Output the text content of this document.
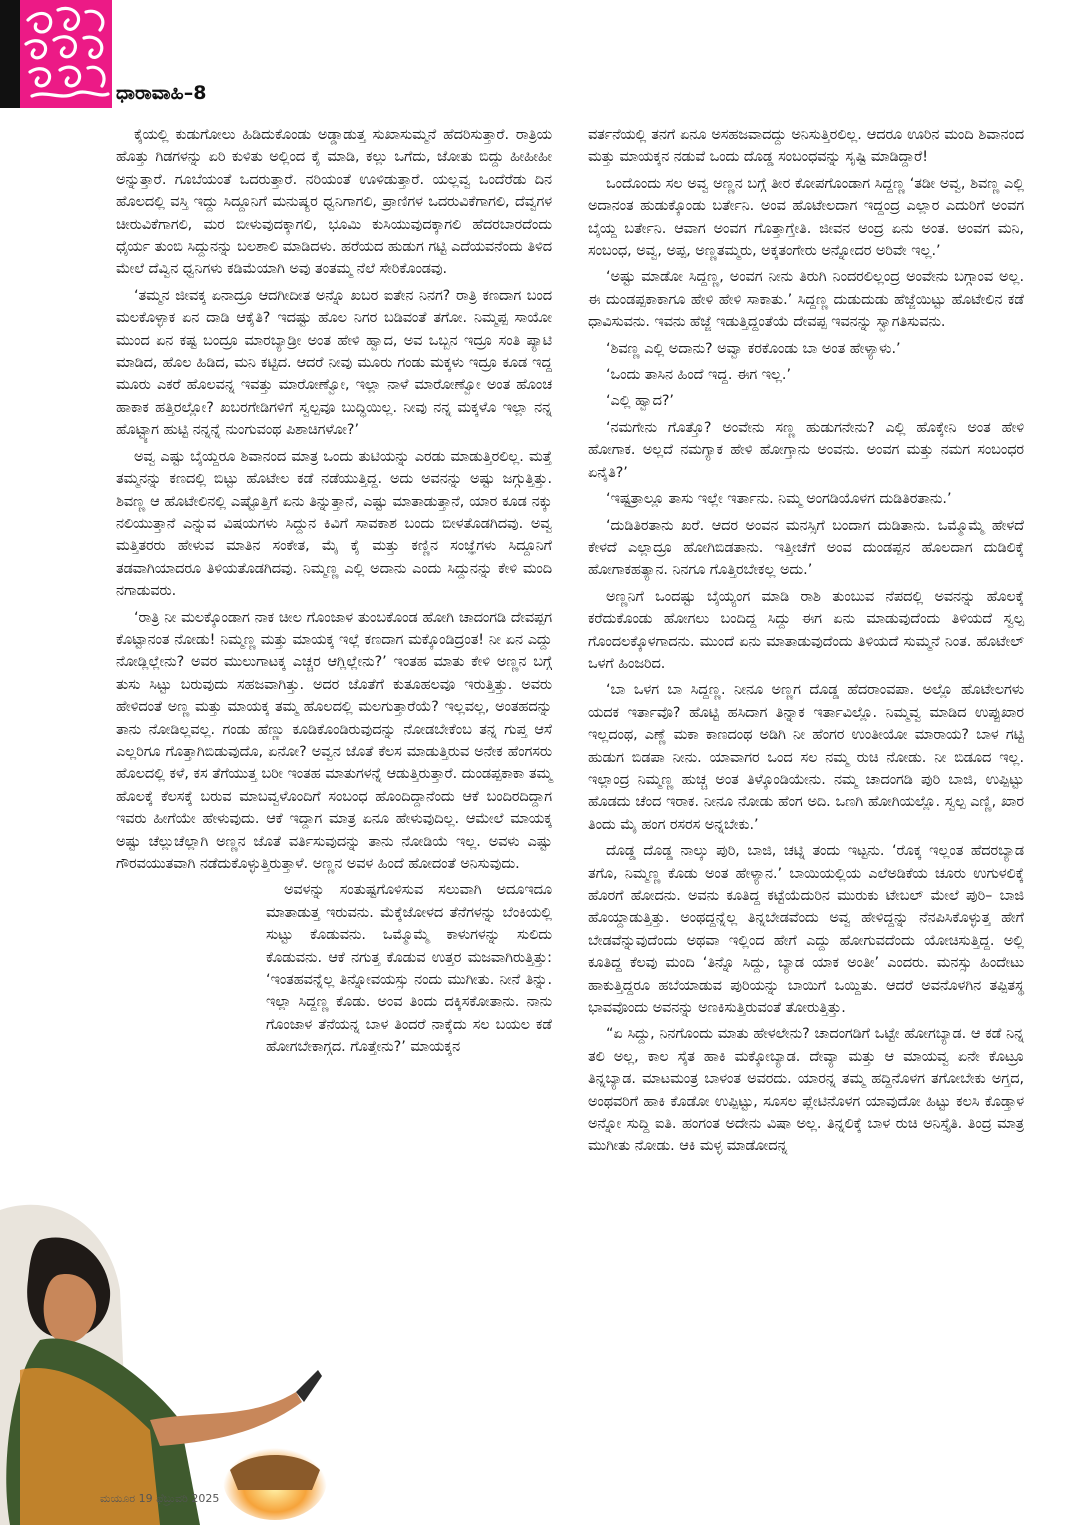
ಧಾರಾವಾಹಿ–8

ಕೈಯಲ್ಲಿ ಕುಡುಗೋಲು ಹಿಡಿದುಕೊಂಡು ಅಡ್ಡಾಡುತ್ತ ಸುಖಾಸುಮ್ಮನೆ ಹೆದರಿಸುತ್ತಾರೆ. ರಾತ್ರಿಯ ಹೊತ್ತು ಗಿಡಗಳನ್ನು ಏರಿ ಕುಳಿತು ಅಲ್ಲಿಂದ ಕೈ ಮಾಡಿ, ಕಲ್ಲು ಒಗೆದು, ಜೋತು ಬಿದ್ದು ಹೀಹೀಹೀ ಅನ್ನುತ್ತಾರೆ. ಗೂಬೆಯಂತೆ ಒದರುತ್ತಾರೆ. ನರಿಯಂತೆ ಊಳಿಡುತ್ತಾರೆ. ಯಲ್ಲವ್ವ ಒಂದೆರೆಡು ದಿನ ಹೊಲದಲ್ಲಿ ವಸ್ತಿ ಇದ್ದು ಸಿದ್ದೂನಿಗೆ ಮನುಷ್ಯರ ಧ್ವನಿಗಾಗಲಿ, ಪ್ರಾಣಿಗಳ ಒದರುವಿಕೆಗಾಗಲಿ, ದೆವ್ವಗಳ ಚೀರುವಿಕೆಗಾಗಲಿ, ಮರ ಬೀಳುವುದಕ್ಕಾಗಲಿ, ಭೂಮಿ ಕುಸಿಯುವುದಕ್ಕಾಗಲಿ ಹೆದರಬಾರದೆಂದು ಧೈರ್ಯ ತುಂಬಿ ಸಿದ್ದುನನ್ನು ಬಲಶಾಲಿ ಮಾಡಿದಳು. ಹರೆಯದ ಹುಡುಗ ಗಟ್ಟಿ ಎದೆಯವನೆಂದು ತಿಳಿದ ಮೇಲೆ ದೆವ್ವಿನ ಧ್ವನಿಗಳು ಕಡಿಮೆಯಾಗಿ ಅವು ತಂತಮ್ಮ ನೆಲೆ ಸೇರಿಕೊಂಡವು.

‘ತಮ್ಮನ ಜೀವಕ್ಕ ಏನಾದ್ರೂ ಆದಗೀದೀತ ಅನ್ನೊ ಖಬರ ಐತೇನ ನಿನಗ? ರಾತ್ರಿ ಕಣದಾಗ ಬಂದ ಮಲಕೊಳ್ಳಾಕ ಏನ ದಾಡಿ ಆಕೈತಿ? ಇದಷ್ಟು ಹೊಲ ನಿಗರ ಬಡಿವಂತೆ ತಗೋ. ನಿಮ್ಮಪ್ಪ ಸಾಯೋ ಮುಂದ ಏನ ಕಷ್ಟ ಬಂದ್ರೂ ಮಾರಬ್ಯಾಡ್ರೀ ಅಂತ ಹೇಳಿ ಹ್ವಾದ, ಅವ ಒಬ್ಬನ ಇದ್ರೂ ಸಂತಿ ಪ್ಯಾಟಿ ಮಾಡಿದ, ಹೊಲ ಹಿಡಿದ, ಮನಿ ಕಟ್ಟಿದ. ಆದರೆ ನೀವು ಮೂರು ಗಂಡು ಮಕ್ಕಳು ಇದ್ರೂ ಕೂಡ ಇದ್ದ ಮೂರು ಎಕರೆ ಹೊಲವನ್ನ ಇವತ್ತು ಮಾರೋಣ್ವೋ, ಇಲ್ಲಾ ನಾಳೆ ಮಾರೋಣ್ವೋ ಅಂತ ಹೊಂಚ ಹಾಕಾಕ ಹತ್ತಿರಲ್ಲೋ? ಖಬರಗೇಡಿಗಳಿಗೆ ಸ್ವಲ್ಪವೂ ಬುದ್ಧಿಯಿಲ್ಲ. ನೀವು ನನ್ನ ಮಕ್ಕಳೊ ಇಲ್ಲಾ ನನ್ನ ಹೊಟ್ಟ್ಯಾಗ ಹುಟ್ಟಿ ನನ್ನನ್ನೆ ನುಂಗುವಂಥ ಪಿಶಾಚಿಗಳೋ?’

ಅವ್ವ ಎಷ್ಟು ಬೈಯ್ದರೂ ಶಿವಾನಂದ ಮಾತ್ರ ಒಂದು ತುಟಿಯನ್ನು ಎರಡು ಮಾಡುತ್ತಿರಲಿಲ್ಲ. ಮತ್ತೆ ತಮ್ಮನನ್ನು ಕಣದಲ್ಲಿ ಬಿಟ್ಟು ಹೊಟೇಲ ಕಡೆ ನಡೆಯುತ್ತಿದ್ದ. ಅದು ಅವನನ್ನು ಅಷ್ಟು ಜಗ್ಗುತ್ತಿತ್ತು. ಶಿವಣ್ಣ ಆ ಹೊಟೇಲಿನಲ್ಲಿ ಎಷ್ಟೊತ್ತಿಗೆ ಏನು ತಿನ್ನುತ್ತಾನೆ, ಎಷ್ಟು ಮಾತಾಡುತ್ತಾನೆ, ಯಾರ ಕೂಡ ನಕ್ಕು ನಲಿಯುತ್ತಾನೆ ಎನ್ನುವ ವಿಷಯಗಳು ಸಿದ್ದುನ ಕಿವಿಗೆ ಸಾವಕಾಶ ಬಂದು ಬೀಳತೊಡಗಿದವು. ಅವ್ವ ಮತ್ತಿತರರು ಹೇಳುವ ಮಾತಿನ ಸಂಕೇತ, ಮೈ ಕೈ ಮತ್ತು ಕಣ್ಣಿನ ಸಂಜ್ಞೆಗಳು ಸಿದ್ದೂನಿಗೆ ತಡವಾಗಿಯಾದರೂ ತಿಳಿಯತೊಡಗಿದವು. ನಿಮ್ಮಣ್ಣ ಎಲ್ಲಿ ಅದಾನು ಎಂದು ಸಿದ್ದುನನ್ನು ಕೇಳಿ ಮಂದಿ ನಗಾಡುವರು.

‘ರಾತ್ರಿ ನೀ ಮಲಕ್ಕೊಂಡಾಗ ನಾಕ ಚೀಲ ಗೊಂಜಾಳ ತುಂಬಕೊಂಡ ಹೋಗಿ ಚಾದಂಗಡಿ ದೇವಪ್ಪಗ ಕೊಟ್ಟಾನಂತ ನೋಡು! ನಿಮ್ಮಣ್ಣ ಮತ್ತು ಮಾಯಕ್ಕ ಇಲ್ಲೆ ಕಣದಾಗ ಮಕ್ಕೊಂಡಿದ್ರಂತ! ನೀ ಏನ ಎದ್ದು ನೋಡ್ಲಿಲ್ಲೇನು? ಅವರ ಮುಲುಗಾಟಕ್ಕ ಎಚ್ಚರ ಆಗ್ಲಿಲ್ಲೇನು?’ ಇಂತಹ ಮಾತು ಕೇಳಿ ಅಣ್ಣನ ಬಗ್ಗೆ ತುಸು ಸಿಟ್ಟು ಬರುವುದು ಸಹಜವಾಗಿತ್ತು. ಅದರ ಜೊತೆಗೆ ಕುತೂಹಲವೂ ಇರುತ್ತಿತ್ತು. ಅವರು ಹೇಳಿದಂತೆ ಅಣ್ಣ ಮತ್ತು ಮಾಯಕ್ಕ ತಮ್ಮ ಹೊಲದಲ್ಲಿ ಮಲಗುತ್ತಾರೆಯೆ? ಇಲ್ಲವಲ್ಲ, ಅಂತಹದನ್ನು ತಾನು ನೋಡಿಲ್ಲವಲ್ಲ. ಗಂಡು ಹೆಣ್ಣು ಕೂಡಿಕೊಂಡಿರುವುದನ್ನು ನೋಡಬೇಕೆಂಬ ತನ್ನ ಗುಪ್ತ ಆಸೆ ಎಲ್ಲರಿಗೂ ಗೊತ್ತಾಗಿಬಿಡುವುದೊ, ಏನೋ? ಅವ್ವನ ಜೊತೆ ಕೆಲಸ ಮಾಡುತ್ತಿರುವ ಅನೇಕ ಹೆಂಗಸರು ಹೊಲದಲ್ಲಿ ಕಳೆ, ಕಸ ತೆಗೆಯುತ್ತ ಬರೀ ಇಂತಹ ಮಾತುಗಳನ್ನೆ ಆಡುತ್ತಿರುತ್ತಾರೆ. ದುಂಡಪ್ಪಕಾಕಾ ತಮ್ಮ ಹೊಲಕ್ಕೆ ಕೆಲಸಕ್ಕೆ ಬರುವ ಮಾಬವ್ವಳೊಂದಿಗೆ ಸಂಬಂಧ ಹೊಂದಿದ್ದಾನೆಂದು ಆಕೆ ಬಂದಿರದಿದ್ದಾಗ ಇವರು ಹೀಗೆಯೇ ಹೇಳುವುದು. ಆಕೆ ಇದ್ದಾಗ ಮಾತ್ರ ಏನೂ ಹೇಳುವುದಿಲ್ಲ. ಆಮೇಲೆ ಮಾಯಕ್ಕ ಅಷ್ಟು ಚೆಲ್ಲುಚೆಲ್ಲಾಗಿ ಅಣ್ಣನ ಜೊತೆ ವರ್ತಿಸುವುದನ್ನು ತಾನು ನೋಡಿಯೆ ಇಲ್ಲ. ಅವಳು ಎಷ್ಟು ಗೌರವಯುತವಾಗಿ ನಡೆದುಕೊಳ್ಳುತ್ತಿರುತ್ತಾಳೆ. ಅಣ್ಣನ ಅವಳ ಹಿಂದೆ ಹೋದಂತೆ ಅನಿಸುವುದು.

ಅವಳನ್ನು ಸಂತುಷ್ಟಗೊಳಿಸುವ ಸಲುವಾಗಿ ಅದೂಇದೂ ಮಾತಾಡುತ್ತ ಇರುವನು. ಮೆಕ್ಕೆಜೋಳದ ತೆನೆಗಳನ್ನು ಬೆಂಕಿಯಲ್ಲಿ ಸುಟ್ಟು ಕೊಡುವನು. ಒಮ್ಮೊಮ್ಮೆ ಕಾಳುಗಳನ್ನು ಸುಲಿದು ಕೊಡುವನು. ಆಕೆ ನಗುತ್ತ ಕೊಡುವ ಉತ್ತರ ಮಜವಾಗಿರುತ್ತಿತ್ತು: ‘ಇಂತಹವನ್ನೆಲ್ಲ ತಿನ್ನೋವಯಸ್ಸು ನಂದು ಮುಗೀತು. ನೀನೆ ತಿನ್ನು. ಇಲ್ಲಾ ಸಿದ್ದಣ್ಣ ಕೊಡು. ಅಂವ ತಿಂದು ದಕ್ಕಿಸಕೋತಾನು. ನಾನು ಗೊಂಜಾಳ ತೆನೆಯನ್ನ ಬಾಳ ತಿಂದರೆ ನಾಕ್ಕೆದು ಸಲ ಬಯಲ ಕಡೆ ಹೋಗಬೇಕಾಗ್ಗದ. ಗೊತ್ತೇನು?’ ಮಾಯಕ್ಕನ

ವರ್ತನೆಯಲ್ಲಿ ತನಗೆ ಏನೂ ಅಸಹಜವಾದದ್ದು ಅನಿಸುತ್ತಿರಲಿಲ್ಲ. ಆದರೂ ಊರಿನ ಮಂದಿ ಶಿವಾನಂದ ಮತ್ತು ಮಾಯಕ್ಕನ ನಡುವೆ ಒಂದು ದೊಡ್ಡ ಸಂಬಂಧವನ್ನು ಸೃಷ್ಟಿ ಮಾಡಿದ್ದಾರೆ!

ಒಂದೊಂದು ಸಲ ಅವ್ವ ಅಣ್ಣನ ಬಗ್ಗೆ ತೀರ ಕೋಪಗೊಂಡಾಗ ಸಿದ್ದಣ್ಣ ‘ತಡೀ ಅವ್ವ, ಶಿವಣ್ಣ ಎಲ್ಲಿ ಅದಾನಂತ ಹುಡುಕ್ಕೊಂಡು ಬರ್ತೇನಿ. ಅಂವ ಹೊಟೇಲದಾಗ ಇದ್ದಂದ್ರ ಎಲ್ಲಾರ ಎದುರಿಗೆ ಅಂವಗ ಬೈಯ್ದ ಬರ್ತೇನಿ. ಆವಾಗ ಅಂವಗ ಗೊತ್ತಾಗ್ತೇತಿ. ಜೀವನ ಅಂದ್ರ ಏನು ಅಂತ. ಅಂವಗ ಮನಿ, ಸಂಬಂಧ, ಅವ್ವ, ಅಪ್ಪ, ಅಣ್ಣತಮ್ಮರು, ಅಕ್ಕತಂಗೇರು ಅನ್ನೋದರ ಅರಿವೇ ಇಲ್ಲ.’

‘ಅಷ್ಟು ಮಾಡೋ ಸಿದ್ದಣ್ಣ, ಅಂವಗ ನೀನು ತಿರುಗಿ ನಿಂದರಲಿಲ್ಲಂದ್ರ ಅಂವೇನು ಬಗ್ಗಾಂವ ಅಲ್ಲ. ಈ ದುಂಡಪ್ಪಕಾಕಾಗೂ ಹೇಳಿ ಹೇಳಿ ಸಾಕಾತು.’ ಸಿದ್ದಣ್ಣ ದುಡುದುಡು ಹೆಜ್ಜೆಯಿಟ್ಟು ಹೊಟೇಲಿನ ಕಡೆ ಧಾವಿಸುವನು. ಇವನು ಹೆಜ್ಜೆ ಇಡುತ್ತಿದ್ದಂತೆಯೆ ದೇವಪ್ಪ ಇವನನ್ನು ಸ್ವಾಗತಿಸುವನು.

‘ಶಿವಣ್ಣ ಎಲ್ಲಿ ಅದಾನು? ಅವ್ವಾ ಕರಕೊಂಡು ಬಾ ಅಂತ ಹೇಳ್ಯಾಳು.’

‘ಒಂದು ತಾಸಿನ ಹಿಂದೆ ಇದ್ದ. ಈಗ ಇಲ್ಲ.’

‘ಎಲ್ಲಿ ಹ್ವಾದ?’

‘ನಮಗೇನು ಗೊತ್ತೊ? ಅಂವೇನು ಸಣ್ಣ ಹುಡುಗನೇನು? ಎಲ್ಲಿ ಹೊಕ್ಕೇನಿ ಅಂತ ಹೇಳಿ ಹೋಗಾಕ. ಅಲ್ಲದೆ ನಮಗ್ಯಾಕ ಹೇಳಿ ಹೋಗ್ತಾನು ಅಂವನು. ಅಂವಗ ಮತ್ತು ನಮಗ ಸಂಬಂಧರ ಏನೈತಿ?’

‘ಇಷ್ಟತ್ರಾಲ್ಲೂ ತಾಸು ಇಲ್ಲೇ ಇರ್ತಾನು. ನಿಮ್ಮ ಅಂಗಡಿಯೊಳಗ ದುಡಿತಿರತಾನು.’

‘ದುಡಿತಿರತಾನು ಖರೆ. ಆದರ ಅಂವನ ಮನಸ್ಸಿಗೆ ಬಂದಾಗ ದುಡಿತಾನು. ಒಮ್ಮೊಮ್ಮೆ ಹೇಳದೆ ಕೇಳದೆ ಎಲ್ಲಾದ್ರೂ ಹೋಗಿಬಿಡತಾನು. ಇತ್ತೀಚೆಗೆ ಅಂವ ದುಂಡಪ್ಪನ ಹೊಲದಾಗ ದುಡಿಲಿಕ್ಕೆ ಹೋಗಾಕಹತ್ಯಾನ. ನಿನಗೂ ಗೊತ್ತಿರಬೇಕಲ್ಲ ಅದು.’

ಅಣ್ಣನಿಗೆ ಒಂದಷ್ಟು ಬೈಯ್ಯಂಗ ಮಾಡಿ ರಾಶಿ ತುಂಬುವ ನೆಪದಲ್ಲಿ ಅವನನ್ನು ಹೊಲಕ್ಕೆ ಕರೆದುಕೊಂಡು ಹೋಗಲು ಬಂದಿದ್ದ ಸಿದ್ದು ಈಗ ಏನು ಮಾಡುವುದೆಂದು ತಿಳಿಯದೆ ಸ್ವಲ್ಪ ಗೊಂದಲಕ್ಕೊಳಗಾದನು. ಮುಂದೆ ಏನು ಮಾತಾಡುವುದೆಂದು ತಿಳಿಯದೆ ಸುಮ್ಮನೆ ನಿಂತ. ಹೊಟೇಲ್ ಒಳಗೆ ಹಿಂಜರಿದ.

‘ಬಾ ಒಳಗ ಬಾ ಸಿದ್ದಣ್ಣ. ನೀನೂ ಅಣ್ಣಗ ದೊಡ್ಡ ಹೆದರಾಂವಪಾ. ಅಲ್ಲೊ ಹೊಟೇಲಗಳು ಯದಕ ಇರ್ತಾವೊ? ಹೊಟ್ಟಿ ಹಸಿದಾಗ ತಿನ್ನಾಕ ಇರ್ತಾವಿಲ್ಲೊ. ನಿಮ್ಮವ್ವ ಮಾಡಿದ ಉಪ್ಪುಖಾರ ಇಲ್ಲದಂಥ, ಎಣ್ಣೆ ಮಕಾ ಕಾಣದಂಥ ಅಡಿಗಿ ನೀ ಹೆಂಗರ ಉಂತೀಯೋ ಮಾರಾಯ? ಬಾಳ ಗಟ್ಟಿ ಹುಡುಗ ಬಿಡಪಾ ನೀನು. ಯಾವಾಗರ ಒಂದ ಸಲ ನಮ್ಮ ರುಚಿ ನೋಡು. ನೀ ಬಿಡೂದ ಇಲ್ಲ. ಇಲ್ಲಾಂದ್ರ ನಿಮ್ಮಣ್ಣ ಹುಚ್ಚ ಅಂತ ತಿಳ್ಕೊಂಡಿಯೇನು. ನಮ್ಮ ಚಾದಂಗಡಿ ಪುರಿ ಬಾಜಿ, ಉಪ್ಪಿಟ್ಟು ಹೊಡದು ಚೆಂದ ಇರಾಕ. ನೀನೂ ನೋಡು ಹೆಂಗ ಅದಿ. ಒಣಗಿ ಹೋಗಿಯಲ್ಲೊ. ಸ್ವಲ್ಪ ಎಣ್ಣಿ, ಖಾರ ತಿಂದು ಮೈ ಹಂಗ ರಸರಸ ಅನ್ನಬೇಕು.’

ದೊಡ್ಡ ದೊಡ್ಡ ನಾಲ್ಕು ಪುರಿ, ಬಾಜಿ, ಚಟ್ನಿ ತಂದು ಇಟ್ಟನು. ‘ರೊಕ್ಕ ಇಲ್ಲಂತ ಹೆದರಬ್ಯಾಡ ತಗೊ, ನಿಮ್ಮಣ್ಣ ಕೊಡು ಅಂತ ಹೇಳ್ಯಾನ.’ ಬಾಯಿಯಲ್ಲಿಯ ಎಲೆಅಡಿಕೆಯ ಚೂರು ಉಗುಳಲಿಕ್ಕೆ ಹೊರಗೆ ಹೋದನು. ಅವನು ಕೂತಿದ್ದ ಕಟ್ಟೆಯೆದುರಿನ ಮುರುಕು ಟೇಬಲ್ ಮೇಲೆ ಪುರಿ– ಬಾಜಿ ಹೊಯ್ದಾಡುತ್ತಿತ್ತು. ಅಂಥದ್ದನ್ನೆಲ್ಲ ತಿನ್ನಬೇಡವೆಂದು ಅವ್ವ ಹೇಳಿದ್ದನ್ನು ನೆನಪಿಸಿಕೊಳ್ಳುತ್ತ ಹೇಗೆ ಬೇಡವೆನ್ನುವುದೆಂದು ಅಥವಾ ಇಲ್ಲಿಂದ ಹೇಗೆ ಎದ್ದು ಹೋಗುವದೆಂದು ಯೋಚಿಸುತ್ತಿದ್ದ. ಅಲ್ಲಿ ಕೂತಿದ್ದ ಕೆಲವು ಮಂದಿ ‘ತಿನ್ನೊ ಸಿದ್ದು, ಬ್ಯಾಡ ಯಾಕ ಅಂತೀ’ ಎಂದರು. ಮನಸ್ಸು ಹಿಂದೇಟು ಹಾಕುತ್ತಿದ್ದರೂ ಹಬೆಯಾಡುವ ಪುರಿಯನ್ನು ಬಾಯಿಗೆ ಒಯ್ದಿತು. ಆದರೆ ಅವನೊಳಗಿನ ತಪ್ಪಿತಸ್ಥ ಭಾವವೊಂದು ಅವನನ್ನು ಅಣಕಿಸುತ್ತಿರುವಂತೆ ತೋರುತ್ತಿತ್ತು.

“ಏ ಸಿದ್ದು, ನಿನಗೊಂದು ಮಾತು ಹೇಳಲೇನು? ಚಾದಂಗಡಿಗೆ ಒಟ್ಟೇ ಹೋಗಬ್ಯಾಡ. ಆ ಕಡೆ ನಿನ್ನ ತಲಿ ಅಲ್ಲ, ಕಾಲ ಸೈತ ಹಾಕಿ ಮಕ್ಕೋಬ್ಯಾಡ. ದೇವ್ಯಾ ಮತ್ತು ಆ ಮಾಯವ್ವ ಏನೇ ಕೊಟ್ರೂ ತಿನ್ನಬ್ಯಾಡ. ಮಾಟಮಂತ್ರ ಬಾಳಂತ ಅವರದು. ಯಾರನ್ನ ತಮ್ಮ ಹದ್ದಿನೊಳಗ ತಗೋಬೇಕು ಅಗ್ತದ, ಅಂಥವರಿಗೆ ಹಾಕಿ ಕೊಡೋ ಉಪ್ಪಿಟ್ಟು, ಸೂಸಲ ಪ್ಲೇಟಿನೊಳಗ ಯಾವುದೋ ಹಿಟ್ಟು ಕಲಸಿ ಕೊಡ್ತಾಳ ಅನ್ನೋ ಸುದ್ದಿ ಐತಿ. ಹಂಗಂತ ಅದೇನು ವಿಷಾ ಅಲ್ಲ. ತಿನ್ನಲಿಕ್ಕೆ ಬಾಳ ರುಚಿ ಅನಿಸ್ತೈತಿ. ತಿಂದ್ರ ಮಾತ್ರ ಮುಗೀತು ನೋಡು. ಆಕಿ ಮಳ್ಳ ಮಾಡೋದನ್ನ

ಮಯೂರ 19 ಫೆಬ್ರುವರಿ 2025
